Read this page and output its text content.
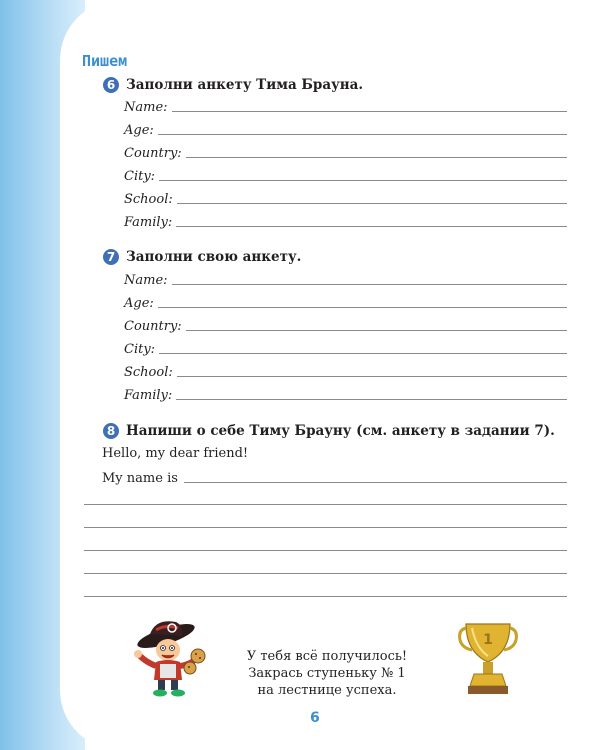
Пишем
6 Заполни анкету Тима Брауна.
Name:
Age:
Country:
City:
School:
Family:
7 Заполни свою анкету.
Name:
Age:
Country:
City:
School:
Family:
8 Напиши о себе Тиму Брауну (см. анкету в задании 7).
Hello, my dear friend!
My name is
У тебя всё получилось!
Закрась ступеньку № 1
на лестнице успеха.
1
6
